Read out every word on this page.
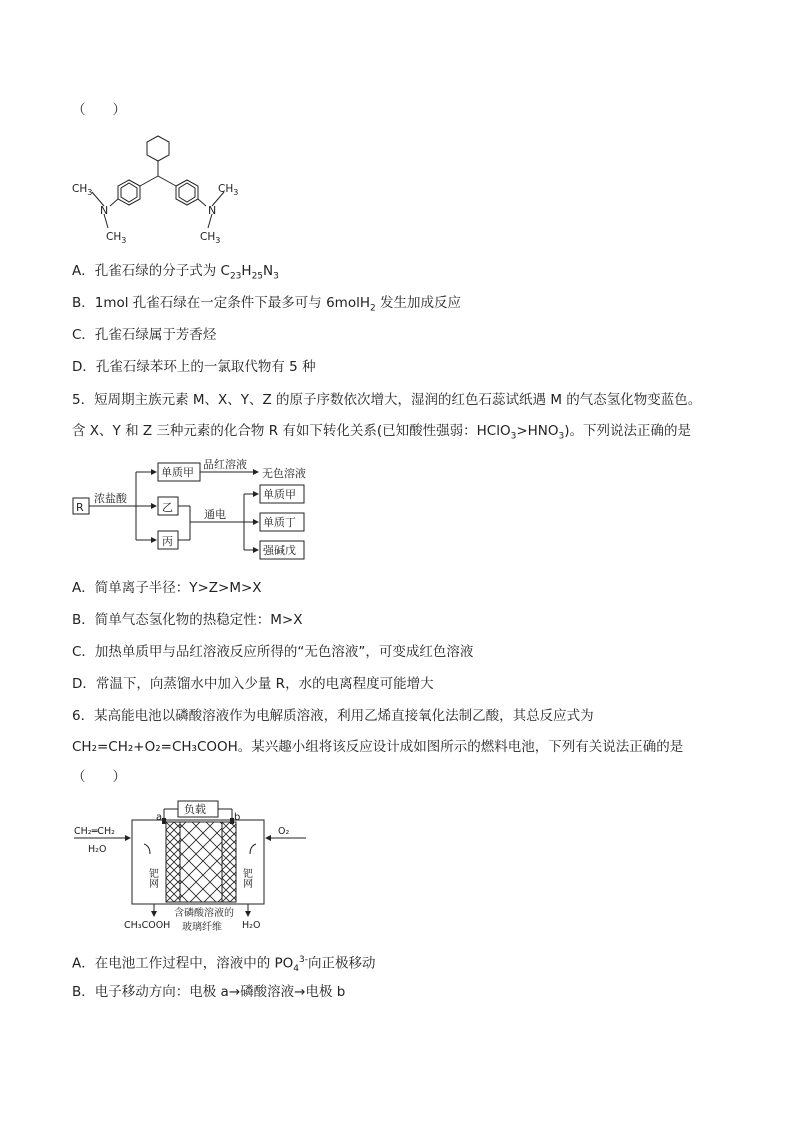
（　　）
N	N
$CH_3$
$CH_3$
$CH_3$
$CH_3$
A．孔雀石绿的分子式为 $C_{23}H_{25}N_3$
B．1mol 孔雀石绿在一定条件下最多可与 6molH$_2$ 发生加成反应
C．孔雀石绿属于芳香烃
D．孔雀石绿苯环上的一氯取代物有 5 种
5．短周期主族元素 M、X、Y、Z 的原子序数依次增大，湿润的红色石蕊试纸遇 M 的气态氢化物变蓝色。
含 X、Y 和 Z 三种元素的化合物 R 有如下转化关系(已知酸性强弱：$HClO_3>HNO_3$)。下列说法正确的是
R
浓盐酸
单质甲
乙
丙
品红溶液
无色溶液
通电
单质甲
单质丁
强碱戊
A．简单离子半径：Y>Z>M>X
B．简单气态氢化物的热稳定性：M>X
C．加热单质甲与品红溶液反应所得的“无色溶液”，可变成红色溶液
D．常温下，向蒸馏水中加入少量 R，水的电离程度可能增大
6．某高能电池以磷酸溶液作为电解质溶液，利用乙烯直接氧化法制乙酸，其总反应式为
CH₂=CH₂+O₂=CH₃COOH。某兴趣小组将该反应设计成如图所示的燃料电池，下列有关说法正确的是
（　　）
负载
a	b
CH₂═CH₂
H₂O
O₂
钯网	钯网
CH₃COOH	H₂O
含磷酸溶液的
玻璃纤维
A．在电池工作过程中，溶液中的 $PO_4^{3-}$向正极移动
B．电子移动方向：电极 a→磷酸溶液→电极 b
